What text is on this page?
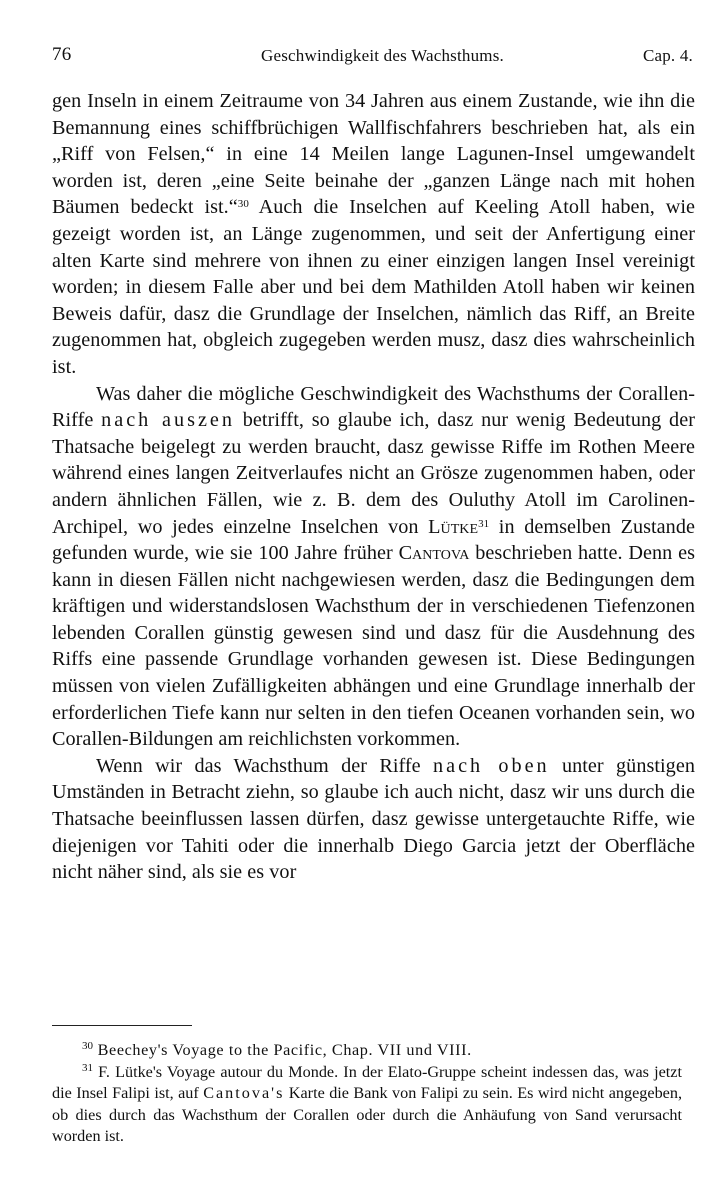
76	Geschwindigkeit des Wachsthums.	Cap. 4.

gen Inseln in einem Zeitraume von 34 Jahren aus einem Zustande, wie ihn die Bemannung eines schiffbrüchigen Wallfischfahrers beschrieben hat, als ein „Riff von Felsen,“ in eine 14 Meilen lange Lagunen-Insel umgewandelt worden ist, deren „eine Seite beinahe der „ganzen Länge nach mit hohen Bäumen bedeckt ist.“$^{30}$ Auch die Inselchen auf Keeling Atoll haben, wie gezeigt worden ist, an Länge zugenommen, und seit der Anfertigung einer alten Karte sind mehrere von ihnen zu einer einzigen langen Insel vereinigt worden; in diesem Falle aber und bei dem Mathilden Atoll haben wir keinen Beweis dafür, dasz die Grundlage der Inselchen, nämlich das Riff, an Breite zugenommen hat, obgleich zugegeben werden musz, dasz dies wahrscheinlich ist.

Was daher die mögliche Geschwindigkeit des Wachsthums der Corallen-Riffe nach auszen betrifft, so glaube ich, dasz nur wenig Bedeutung der Thatsache beigelegt zu werden braucht, dasz gewisse Riffe im Rothen Meere während eines langen Zeitverlaufes nicht an Grösze zugenommen haben, oder andern ähnlichen Fällen, wie z. B. dem des Ouluthy Atoll im Carolinen-Archipel, wo jedes einzelne Inselchen von Lütke$^{31}$ in demselben Zustande gefunden wurde, wie sie 100 Jahre früher Cantova beschrieben hatte. Denn es kann in diesen Fällen nicht nachgewiesen werden, dasz die Bedingungen dem kräftigen und widerstandslosen Wachsthum der in verschiedenen Tiefenzonen lebenden Corallen günstig gewesen sind und dasz für die Ausdehnung des Riffs eine passende Grundlage vorhanden gewesen ist. Diese Bedingungen müssen von vielen Zufälligkeiten abhängen und eine Grundlage innerhalb der erforderlichen Tiefe kann nur selten in den tiefen Oceanen vorhanden sein, wo Corallen-Bildungen am reichlichsten vorkommen.

Wenn wir das Wachsthum der Riffe nach oben unter günstigen Umständen in Betracht ziehn, so glaube ich auch nicht, dasz wir uns durch die Thatsache beeinflussen lassen dürfen, dasz gewisse untergetauchte Riffe, wie diejenigen vor Tahiti oder die innerhalb Diego Garcia jetzt der Oberfläche nicht näher sind, als sie es vor

$^{30}$ Beechey's Voyage to the Pacific, Chap. VII und VIII.

$^{31}$ F. Lütke's Voyage autour du Monde. In der Elato-Gruppe scheint indessen das, was jetzt die Insel Falipi ist, auf Cantova's Karte die Bank von Falipi zu sein. Es wird nicht angegeben, ob dies durch das Wachsthum der Corallen oder durch die Anhäufung von Sand verursacht worden ist.
